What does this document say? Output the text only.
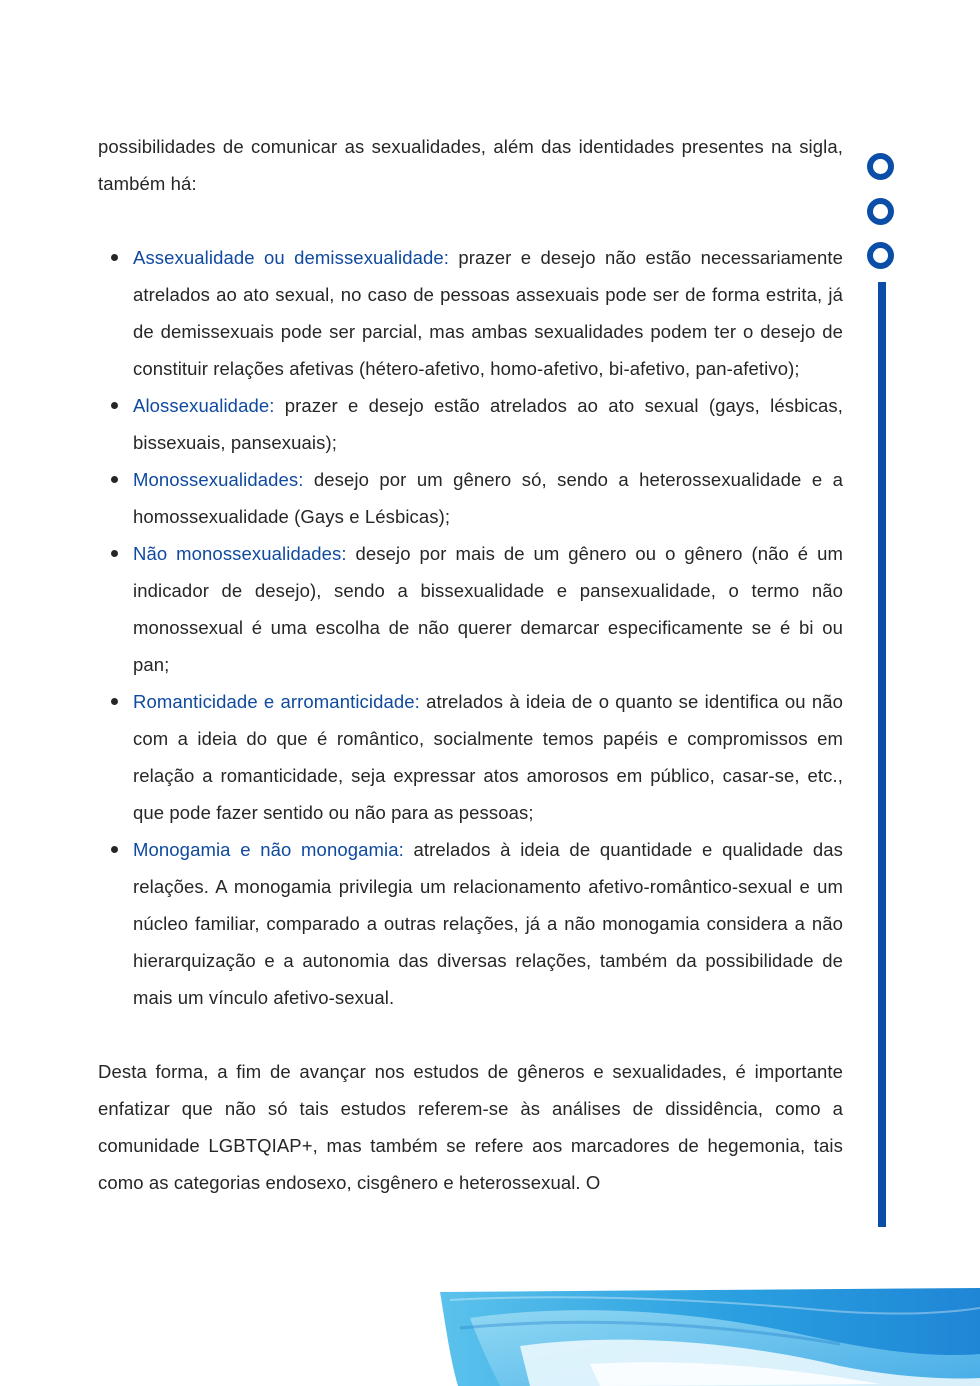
possibilidades de comunicar as sexualidades, além das identidades presentes na sigla, também há:

Assexualidade ou demissexualidade: prazer e desejo não estão necessariamente atrelados ao ato sexual, no caso de pessoas assexuais pode ser de forma estrita, já de demissexuais pode ser parcial, mas ambas sexualidades podem ter o desejo de constituir relações afetivas (hétero-afetivo, homo-afetivo, bi-afetivo, pan-afetivo);
Alossexualidade: prazer e desejo estão atrelados ao ato sexual (gays, lésbicas, bissexuais, pansexuais);
Monossexualidades: desejo por um gênero só, sendo a heterossexualidade e a homossexualidade (Gays e Lésbicas);
Não monossexualidades: desejo por mais de um gênero ou o gênero (não é um indicador de desejo), sendo a bissexualidade e pansexualidade, o termo não monossexual é uma escolha de não querer demarcar especificamente se é bi ou pan;
Romanticidade e arromanticidade: atrelados à ideia de o quanto se identifica ou não com a ideia do que é romântico, socialmente temos papéis e compromissos em relação a romanticidade, seja expressar atos amorosos em público, casar-se, etc., que pode fazer sentido ou não para as pessoas;
Monogamia e não monogamia: atrelados à ideia de quantidade e qualidade das relações. A monogamia privilegia um relacionamento afetivo-romântico-sexual e um núcleo familiar, comparado a outras relações, já a não monogamia considera a não hierarquização e a autonomia das diversas relações, também da possibilidade de mais um vínculo afetivo-sexual.

Desta forma, a fim de avançar nos estudos de gêneros e sexualidades, é importante enfatizar que não só tais estudos referem-se às análises de dissidência, como a comunidade LGBTQIAP+, mas também se refere aos marcadores de hegemonia, tais como as categorias endosexo, cisgênero e heterossexual. O
